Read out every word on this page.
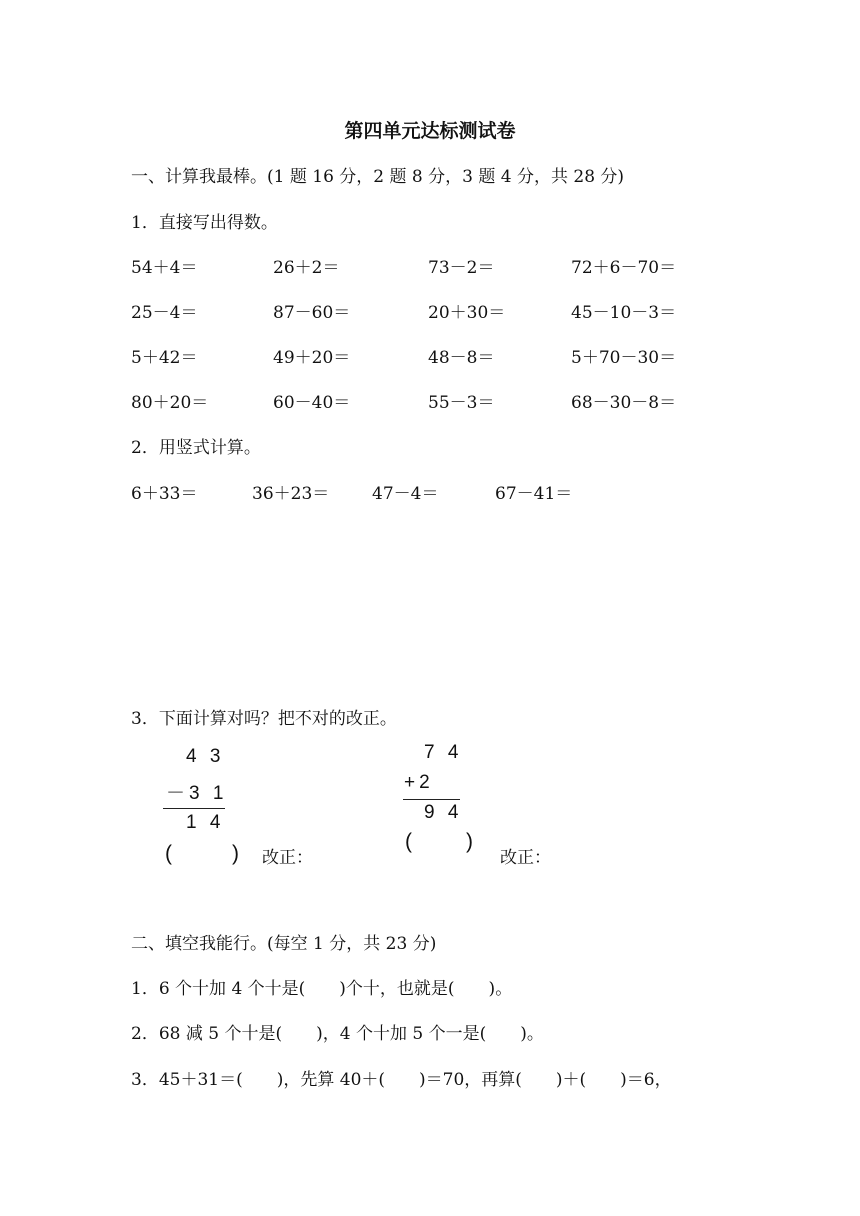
第四单元达标测试卷
一、计算我最棒。(1 题 16 分，2 题 8 分，3 题 4 分，共 28 分)
1．直接写出得数。
54＋4＝	26＋2＝	73－2＝	72＋6－70＝
25－4＝	87－60＝	20＋30＝	45－10－3＝
5＋42＝	49＋20＝	48－8＝	5＋70－30＝
80＋20＝	60－40＝	55－3＝	68－30－8＝
2．用竖式计算。
6＋33＝	36＋23＝	47－4＝	67－41＝
3．下面计算对吗？把不对的改正。
4 3
－3 1
1 4
(	) 改正：
7 4
+2
9 4
(	)
改正：
二、填空我能行。(每空 1 分，共 23 分)
1．6 个十加 4 个十是(　　)个十，也就是(　　)。
2．68 减 5 个十是(　　)，4 个十加 5 个一是(　　)。
3．45＋31＝(　　)，先算 40＋(　　)＝70，再算(　　)＋(　　)＝6，
